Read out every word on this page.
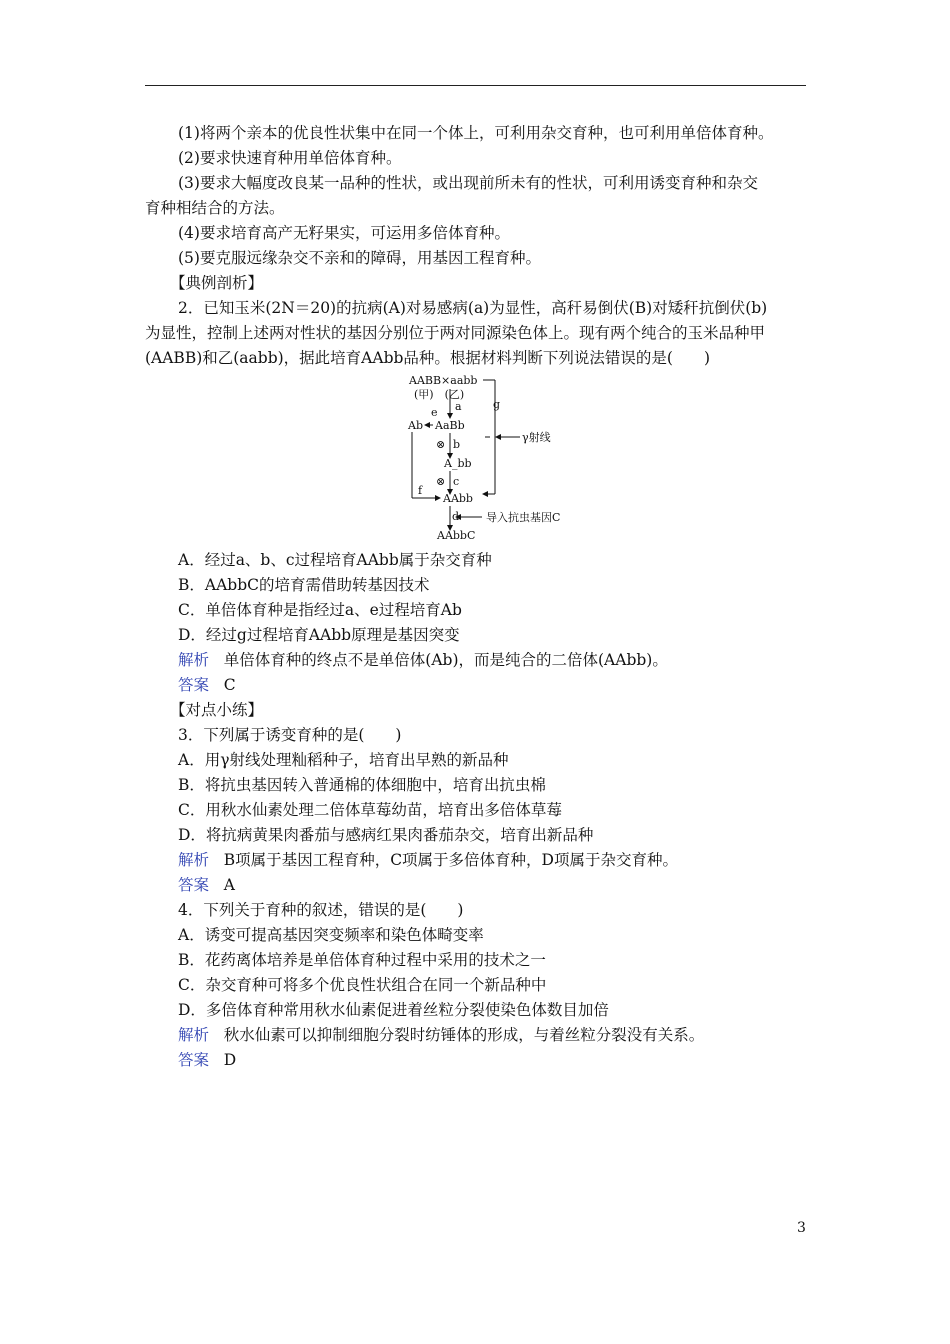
(1)将两个亲本的优良性状集中在同一个体上，可利用杂交育种，也可利用单倍体育种。
(2)要求快速育种用单倍体育种。
(3)要求大幅度改良某一品种的性状，或出现前所未有的性状，可利用诱变育种和杂交
育种相结合的方法。
(4)要求培育高产无籽果实，可运用多倍体育种。
(5)要克服远缘杂交不亲和的障碍，用基因工程育种。
【典例剖析】
2．已知玉米(2N＝20)的抗病(A)对易感病(a)为显性，高秆易倒伏(B)对矮秆抗倒伏(b)
为显性，控制上述两对性状的基因分别位于两对同源染色体上。现有两个纯合的玉米品种甲
(AABB)和乙(aabb)，据此培育AAbb品种。根据材料判断下列说法错误的是(　　)
AABB×aabb
g
(甲)　(乙)
a
e
Ab AaBb
γ射线
⊗ b
A_bb
⊗ c
f
AAbb
d 导入抗虫基因C
AAbbC
A．经过a、b、c过程培育AAbb属于杂交育种
B．AAbbC的培育需借助转基因技术
C．单倍体育种是指经过a、e过程培育Ab
D．经过g过程培育AAbb原理是基因突变
解析 单倍体育种的终点不是单倍体(Ab)，而是纯合的二倍体(AAbb)。
答案 C
【对点小练】
3．下列属于诱变育种的是(　　)
A．用γ射线处理籼稻种子，培育出早熟的新品种
B．将抗虫基因转入普通棉的体细胞中，培育出抗虫棉
C．用秋水仙素处理二倍体草莓幼苗，培育出多倍体草莓
D．将抗病黄果肉番茄与感病红果肉番茄杂交，培育出新品种
解析 B项属于基因工程育种，C项属于多倍体育种，D项属于杂交育种。
答案 A
4．下列关于育种的叙述，错误的是(　　)
A．诱变可提高基因突变频率和染色体畸变率
B．花药离体培养是单倍体育种过程中采用的技术之一
C．杂交育种可将多个优良性状组合在同一个新品种中
D．多倍体育种常用秋水仙素促进着丝粒分裂使染色体数目加倍
解析 秋水仙素可以抑制细胞分裂时纺锤体的形成，与着丝粒分裂没有关系。
答案 D
3
